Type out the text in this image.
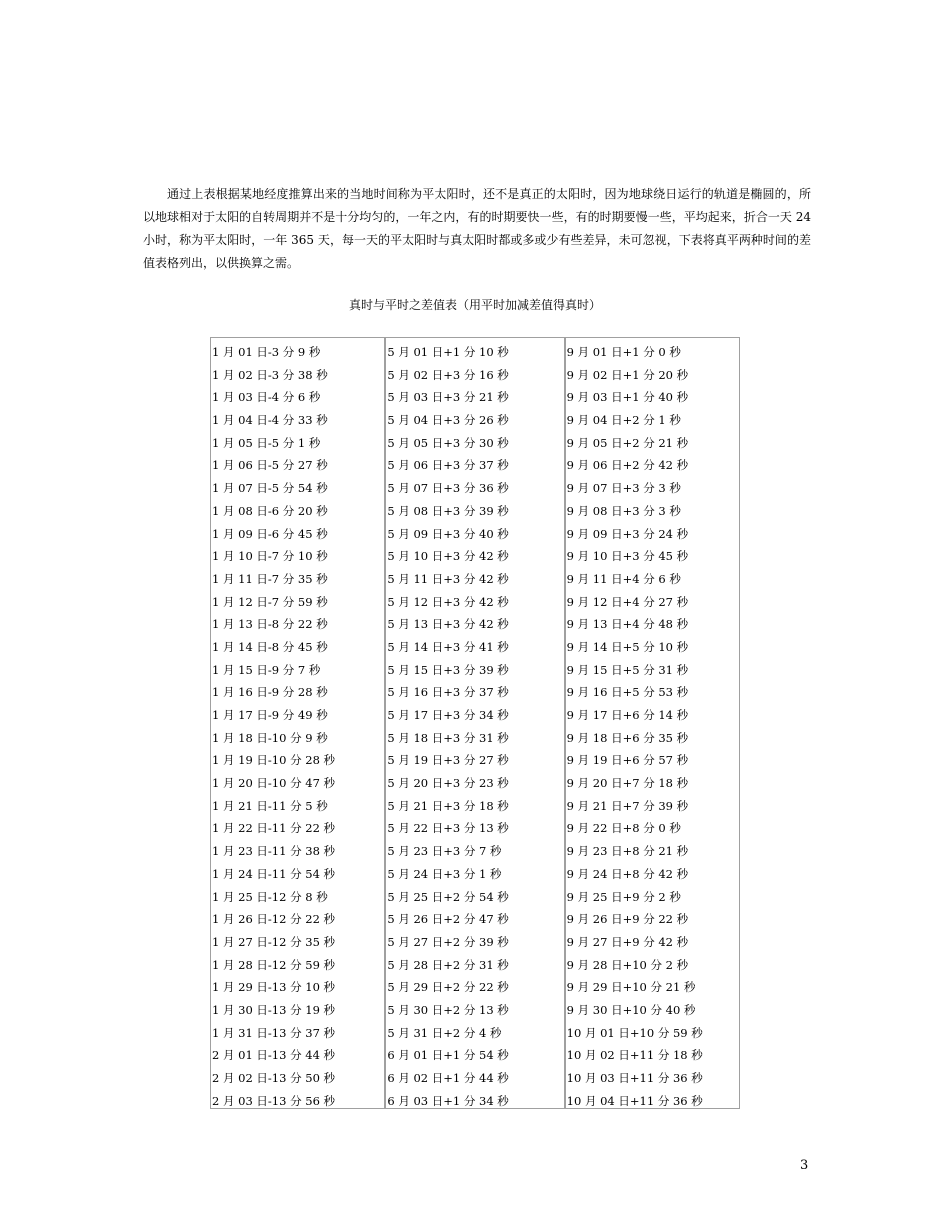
通过上表根据某地经度推算出来的当地时间称为平太阳时，还不是真正的太阳时，因为地球绕日运行的轨道是椭圆的，所以地球相对于太阳的自转周期并不是十分均匀的，一年之内，有的时期要快一些，有的时期要慢一些，平均起来，折合一天 24 小时，称为平太阳时，一年 365 天，每一天的平太阳时与真太阳时都或多或少有些差异，未可忽视，下表将真平两种时间的差值表格列出，以供换算之需。

真时与平时之差值表（用平时加减差值得真时）
1 月 01 日-3 分 9 秒
1 月 02 日-3 分 38 秒
1 月 03 日-4 分 6 秒
1 月 04 日-4 分 33 秒
1 月 05 日-5 分 1 秒
1 月 06 日-5 分 27 秒
1 月 07 日-5 分 54 秒
1 月 08 日-6 分 20 秒
1 月 09 日-6 分 45 秒
1 月 10 日-7 分 10 秒
1 月 11 日-7 分 35 秒
1 月 12 日-7 分 59 秒
1 月 13 日-8 分 22 秒
1 月 14 日-8 分 45 秒
1 月 15 日-9 分 7 秒
1 月 16 日-9 分 28 秒
1 月 17 日-9 分 49 秒
1 月 18 日-10 分 9 秒
1 月 19 日-10 分 28 秒
1 月 20 日-10 分 47 秒
1 月 21 日-11 分 5 秒
1 月 22 日-11 分 22 秒
1 月 23 日-11 分 38 秒
1 月 24 日-11 分 54 秒
1 月 25 日-12 分 8 秒
1 月 26 日-12 分 22 秒
1 月 27 日-12 分 35 秒
1 月 28 日-12 分 59 秒
1 月 29 日-13 分 10 秒
1 月 30 日-13 分 19 秒
1 月 31 日-13 分 37 秒
2 月 01 日-13 分 44 秒
2 月 02 日-13 分 50 秒
2 月 03 日-13 分 56 秒
5 月 01 日+1 分 10 秒
5 月 02 日+3 分 16 秒
5 月 03 日+3 分 21 秒
5 月 04 日+3 分 26 秒
5 月 05 日+3 分 30 秒
5 月 06 日+3 分 37 秒
5 月 07 日+3 分 36 秒
5 月 08 日+3 分 39 秒
5 月 09 日+3 分 40 秒
5 月 10 日+3 分 42 秒
5 月 11 日+3 分 42 秒
5 月 12 日+3 分 42 秒
5 月 13 日+3 分 42 秒
5 月 14 日+3 分 41 秒
5 月 15 日+3 分 39 秒
5 月 16 日+3 分 37 秒
5 月 17 日+3 分 34 秒
5 月 18 日+3 分 31 秒
5 月 19 日+3 分 27 秒
5 月 20 日+3 分 23 秒
5 月 21 日+3 分 18 秒
5 月 22 日+3 分 13 秒
5 月 23 日+3 分 7 秒
5 月 24 日+3 分 1 秒
5 月 25 日+2 分 54 秒
5 月 26 日+2 分 47 秒
5 月 27 日+2 分 39 秒
5 月 28 日+2 分 31 秒
5 月 29 日+2 分 22 秒
5 月 30 日+2 分 13 秒
5 月 31 日+2 分 4 秒
6 月 01 日+1 分 54 秒
6 月 02 日+1 分 44 秒
6 月 03 日+1 分 34 秒
9 月 01 日+1 分 0 秒
9 月 02 日+1 分 20 秒
9 月 03 日+1 分 40 秒
9 月 04 日+2 分 1 秒
9 月 05 日+2 分 21 秒
9 月 06 日+2 分 42 秒
9 月 07 日+3 分 3 秒
9 月 08 日+3 分 3 秒
9 月 09 日+3 分 24 秒
9 月 10 日+3 分 45 秒
9 月 11 日+4 分 6 秒
9 月 12 日+4 分 27 秒
9 月 13 日+4 分 48 秒
9 月 14 日+5 分 10 秒
9 月 15 日+5 分 31 秒
9 月 16 日+5 分 53 秒
9 月 17 日+6 分 14 秒
9 月 18 日+6 分 35 秒
9 月 19 日+6 分 57 秒
9 月 20 日+7 分 18 秒
9 月 21 日+7 分 39 秒
9 月 22 日+8 分 0 秒
9 月 23 日+8 分 21 秒
9 月 24 日+8 分 42 秒
9 月 25 日+9 分 2 秒
9 月 26 日+9 分 22 秒
9 月 27 日+9 分 42 秒
9 月 28 日+10 分 2 秒
9 月 29 日+10 分 21 秒
9 月 30 日+10 分 40 秒
10 月 01 日+10 分 59 秒
10 月 02 日+11 分 18 秒
10 月 03 日+11 分 36 秒
10 月 04 日+11 分 36 秒
3
